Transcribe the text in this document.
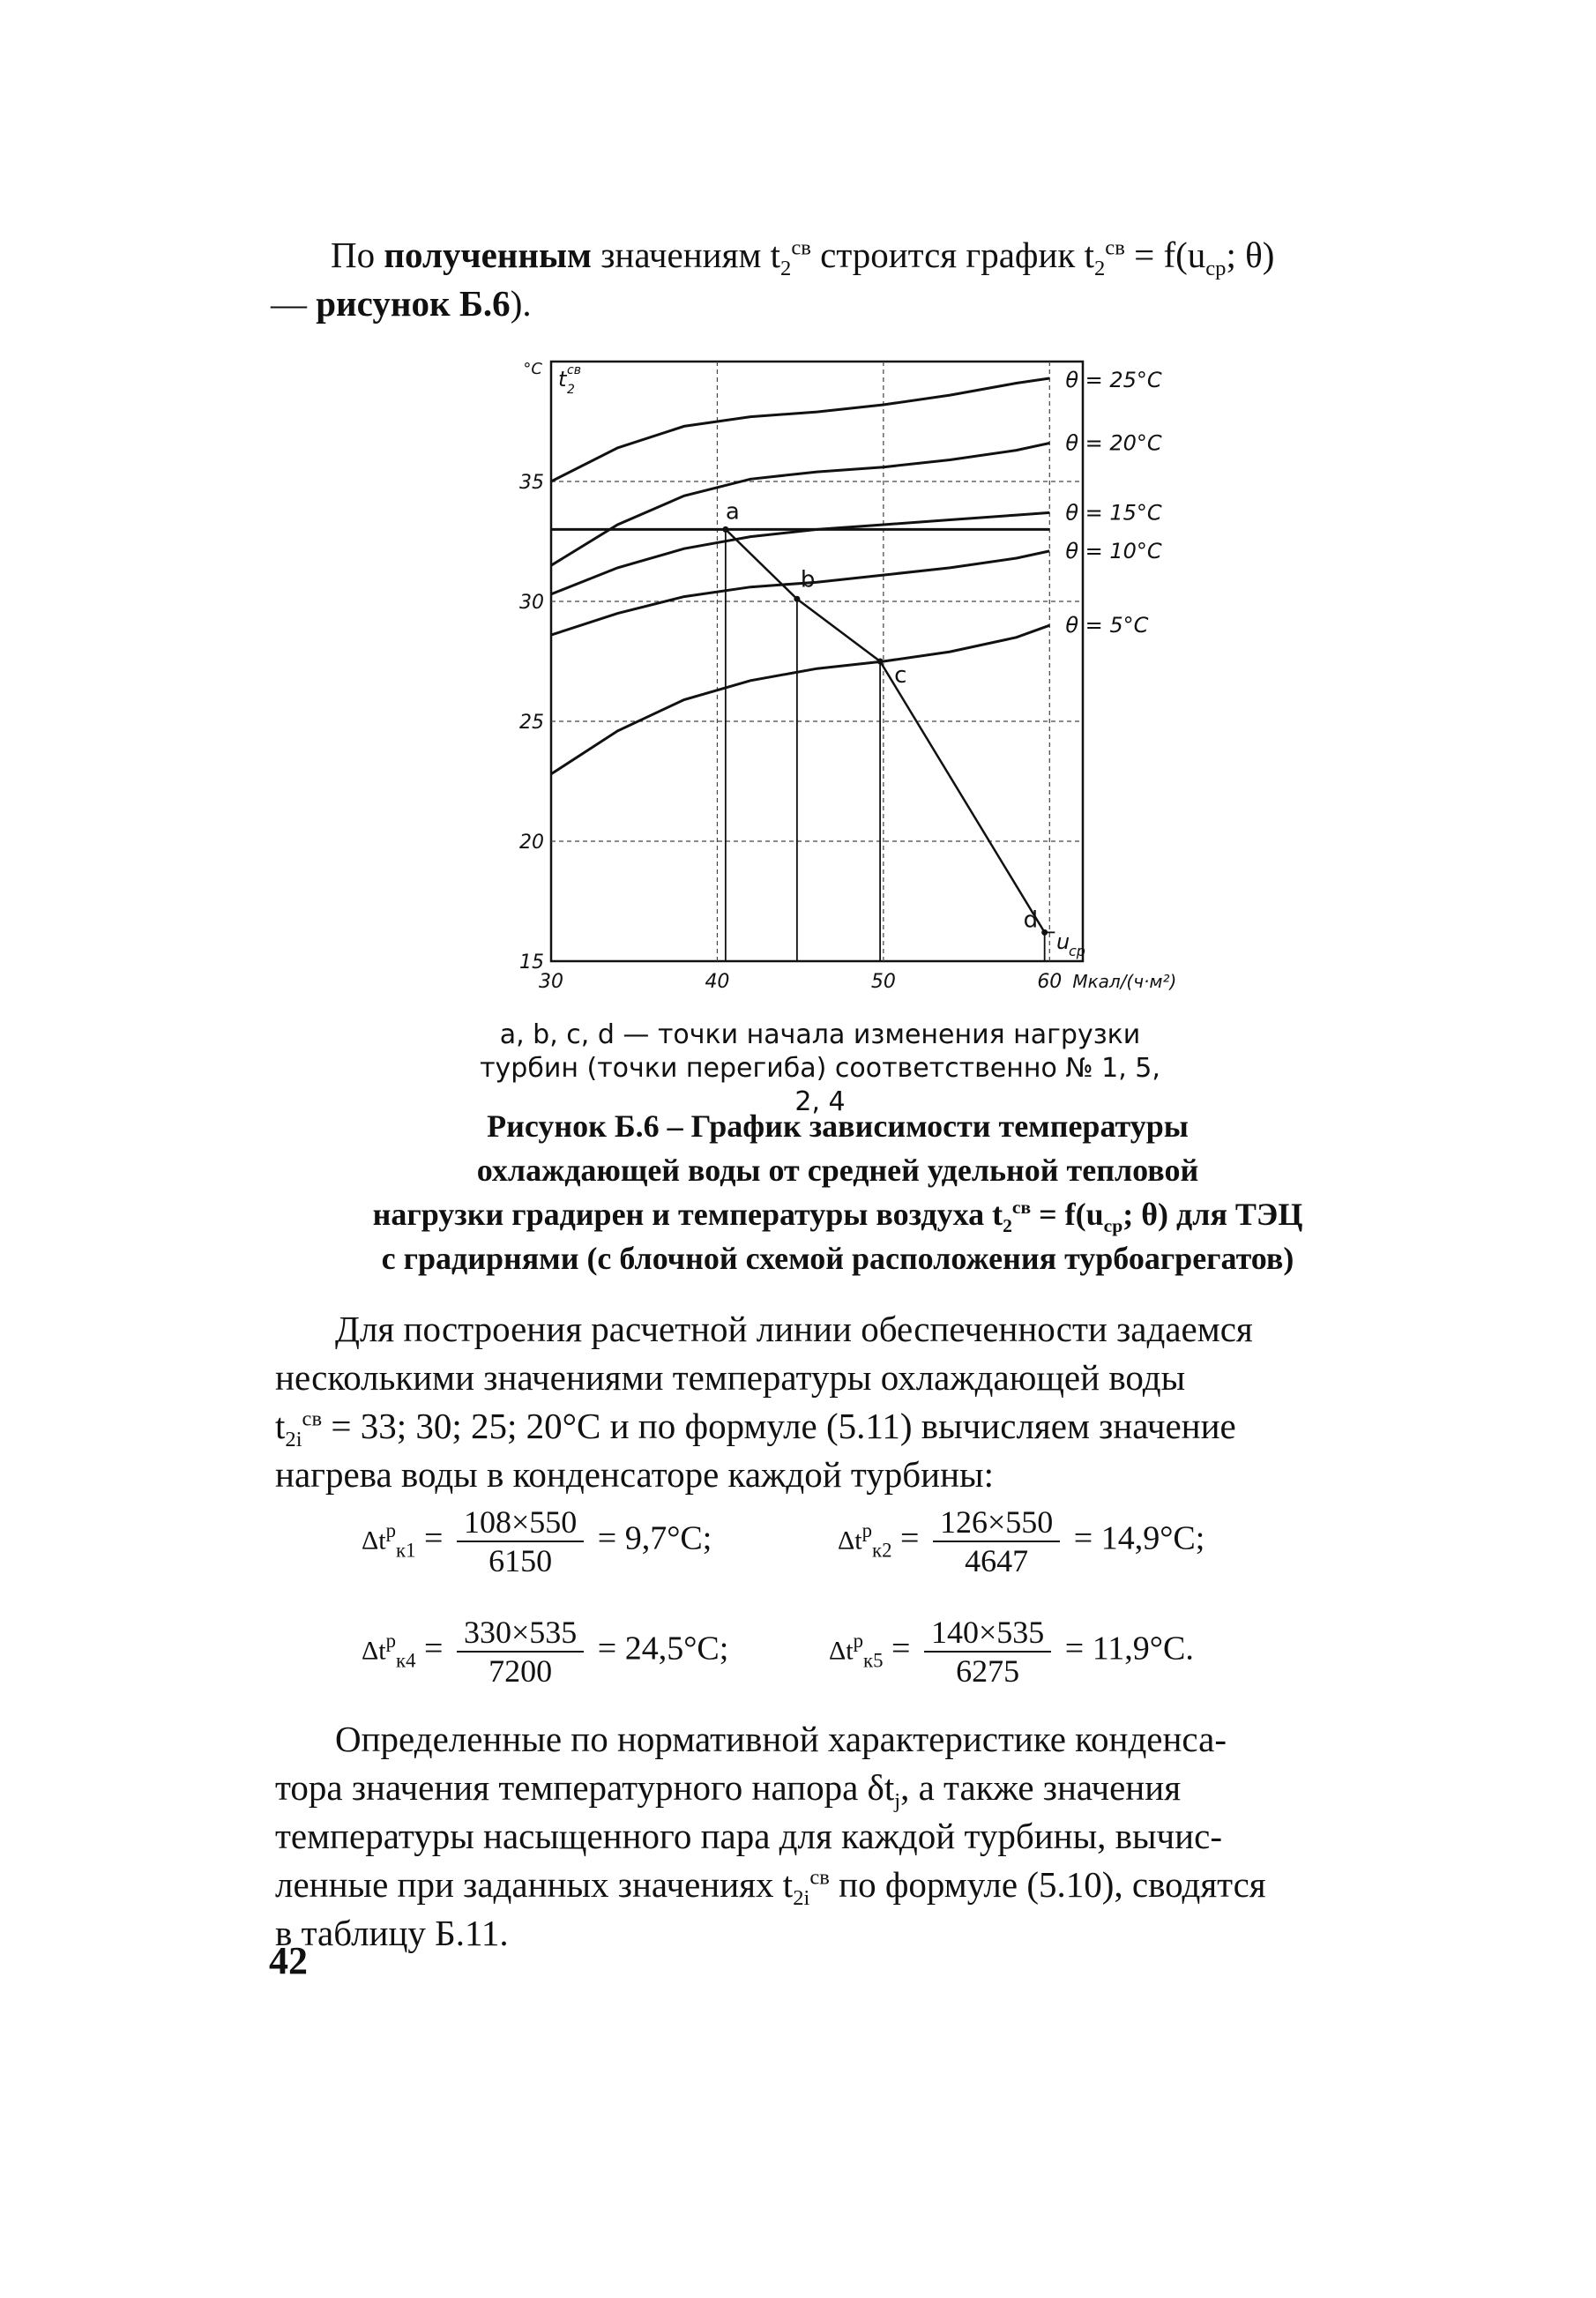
По полученным значениям $t_2^{св}$ строится график $t_2^{св} = f(u_{ср}$; θ)
— рисунок Б.6).
15
20
25
30
35
30	40	50	60
°C t св
2
u
ср
Мкал/(ч·м²)
θ = 25°C
θ = 20°C
θ = 15°C
θ = 10°C
θ = 5°C
a
b
c
d
a, b, c, d — точки начала изменения нагрузки
турбин (точки перегиба) соответственно № 1, 5, 2, 4
Рисунок Б.6 – График зависимости температуры
охлаждающей воды от средней удельной тепловой
нагрузки градирен и температуры воздуха $t_2^{св} = f(u_{ср}$; θ) для ТЭЦ
с градирнями (с блочной схемой расположения турбоагрегатов)
Для построения расчетной линии обеспеченности задаемся
несколькими значениями температуры охлаждающей воды
$t_{2i}^{св} = 33$; 30; 25; 20°С и по формуле (5.11) вычисляем значение
нагрева воды в конденсаторе каждой турбины:
$\Delta t^р_{к1} = \frac{108\times 550}{6150} = 9,7^\circ С$;	$\Delta t^р_{к2} = \frac{126\times 550}{4647} = 14,9^\circ С$;
$\Delta t^р_{к4} = \frac{330\times 535}{7200} = 24,5^\circ С$;	$\Delta t^р_{к5} = \frac{140\times 535}{6275} = 11,9^\circ С$.
Определенные по нормативной характеристике конденса-
тора значения температурного напора $\delta t_j$, а также значения
температуры насыщенного пара для каждой турбины, вычис-
ленные при заданных значениях $t_{2i}^{св}$ по формуле (5.10), сводятся
в таблицу Б.11.
42
